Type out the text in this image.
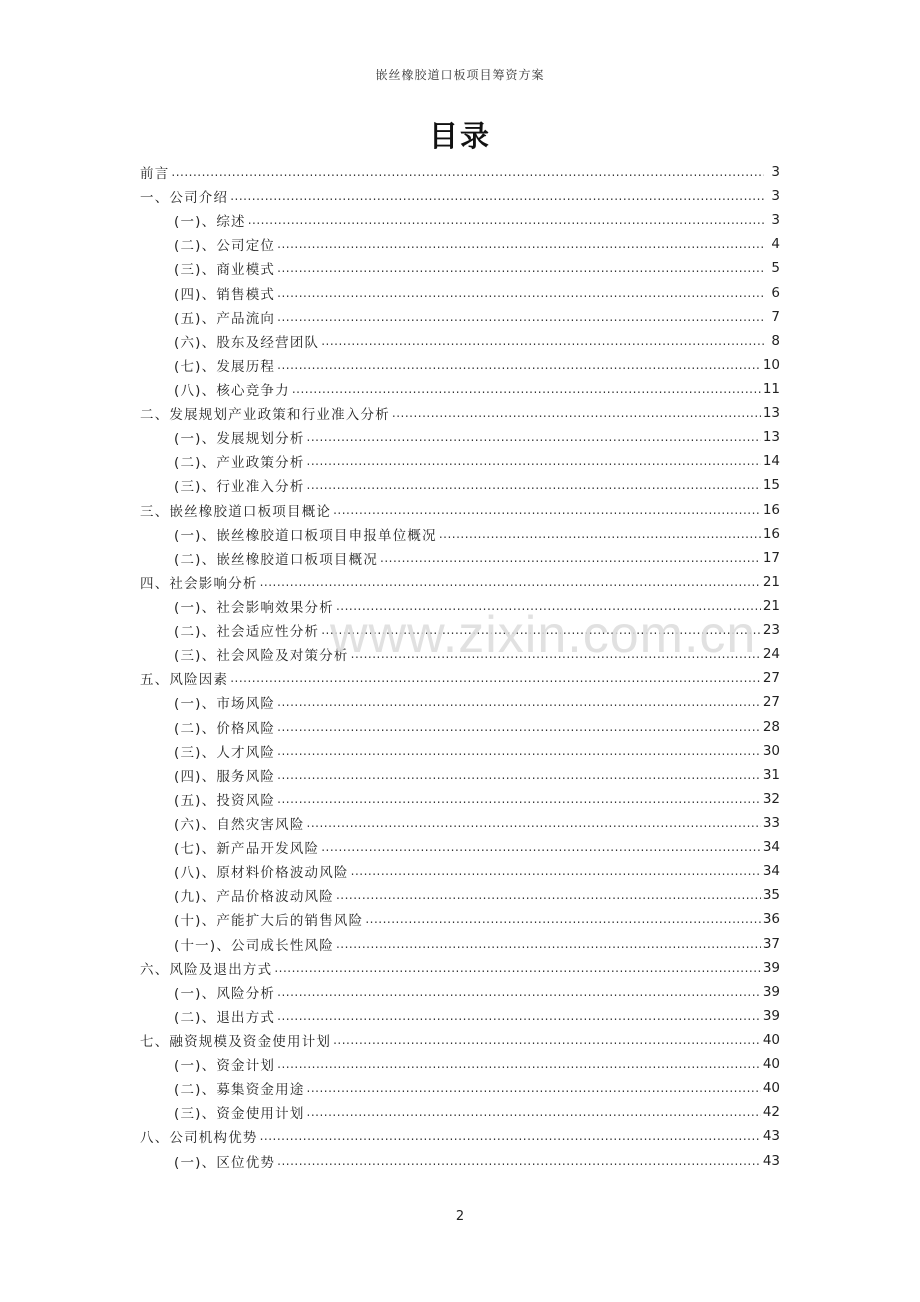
嵌丝橡胶道口板项目筹资方案
目录
前言 .....	3
一、公司介绍 .....	3
(一)、综述 .....	3
(二)、公司定位 .....	4
(三)、商业模式 .....	5
(四)、销售模式 .....	6
(五)、产品流向 .....	7
(六)、股东及经营团队 .....	8
(七)、发展历程 .....	10
(八)、核心竞争力 .....	11
二、发展规划产业政策和行业准入分析 .....	13
(一)、发展规划分析 .....	13
(二)、产业政策分析 .....	14
(三)、行业准入分析 .....	15
三、嵌丝橡胶道口板项目概论 .....	16
(一)、嵌丝橡胶道口板项目申报单位概况 .....	16
(二)、嵌丝橡胶道口板项目概况 .....	17
四、社会影响分析 .....	21
(一)、社会影响效果分析 .....	21
(二)、社会适应性分析 .....	23
(三)、社会风险及对策分析 .....	24
五、风险因素 .....	27
(一)、市场风险 .....	27
(二)、价格风险 .....	28
(三)、人才风险 .....	30
(四)、服务风险 .....	31
(五)、投资风险 .....	32
(六)、自然灾害风险 .....	33
(七)、新产品开发风险 .....	34
(八)、原材料价格波动风险 .....	34
(九)、产品价格波动风险 .....	35
(十)、产能扩大后的销售风险 .....	36
(十一)、公司成长性风险 .....	37
六、风险及退出方式 .....	39
(一)、风险分析 .....	39
(二)、退出方式 .....	39
七、融资规模及资金使用计划 .....	40
(一)、资金计划 .....	40
(二)、募集资金用途 .....	40
(三)、资金使用计划 .....	42
八、公司机构优势 .....	43
(一)、区位优势 .....	43
www.zixin.com.cn
2
